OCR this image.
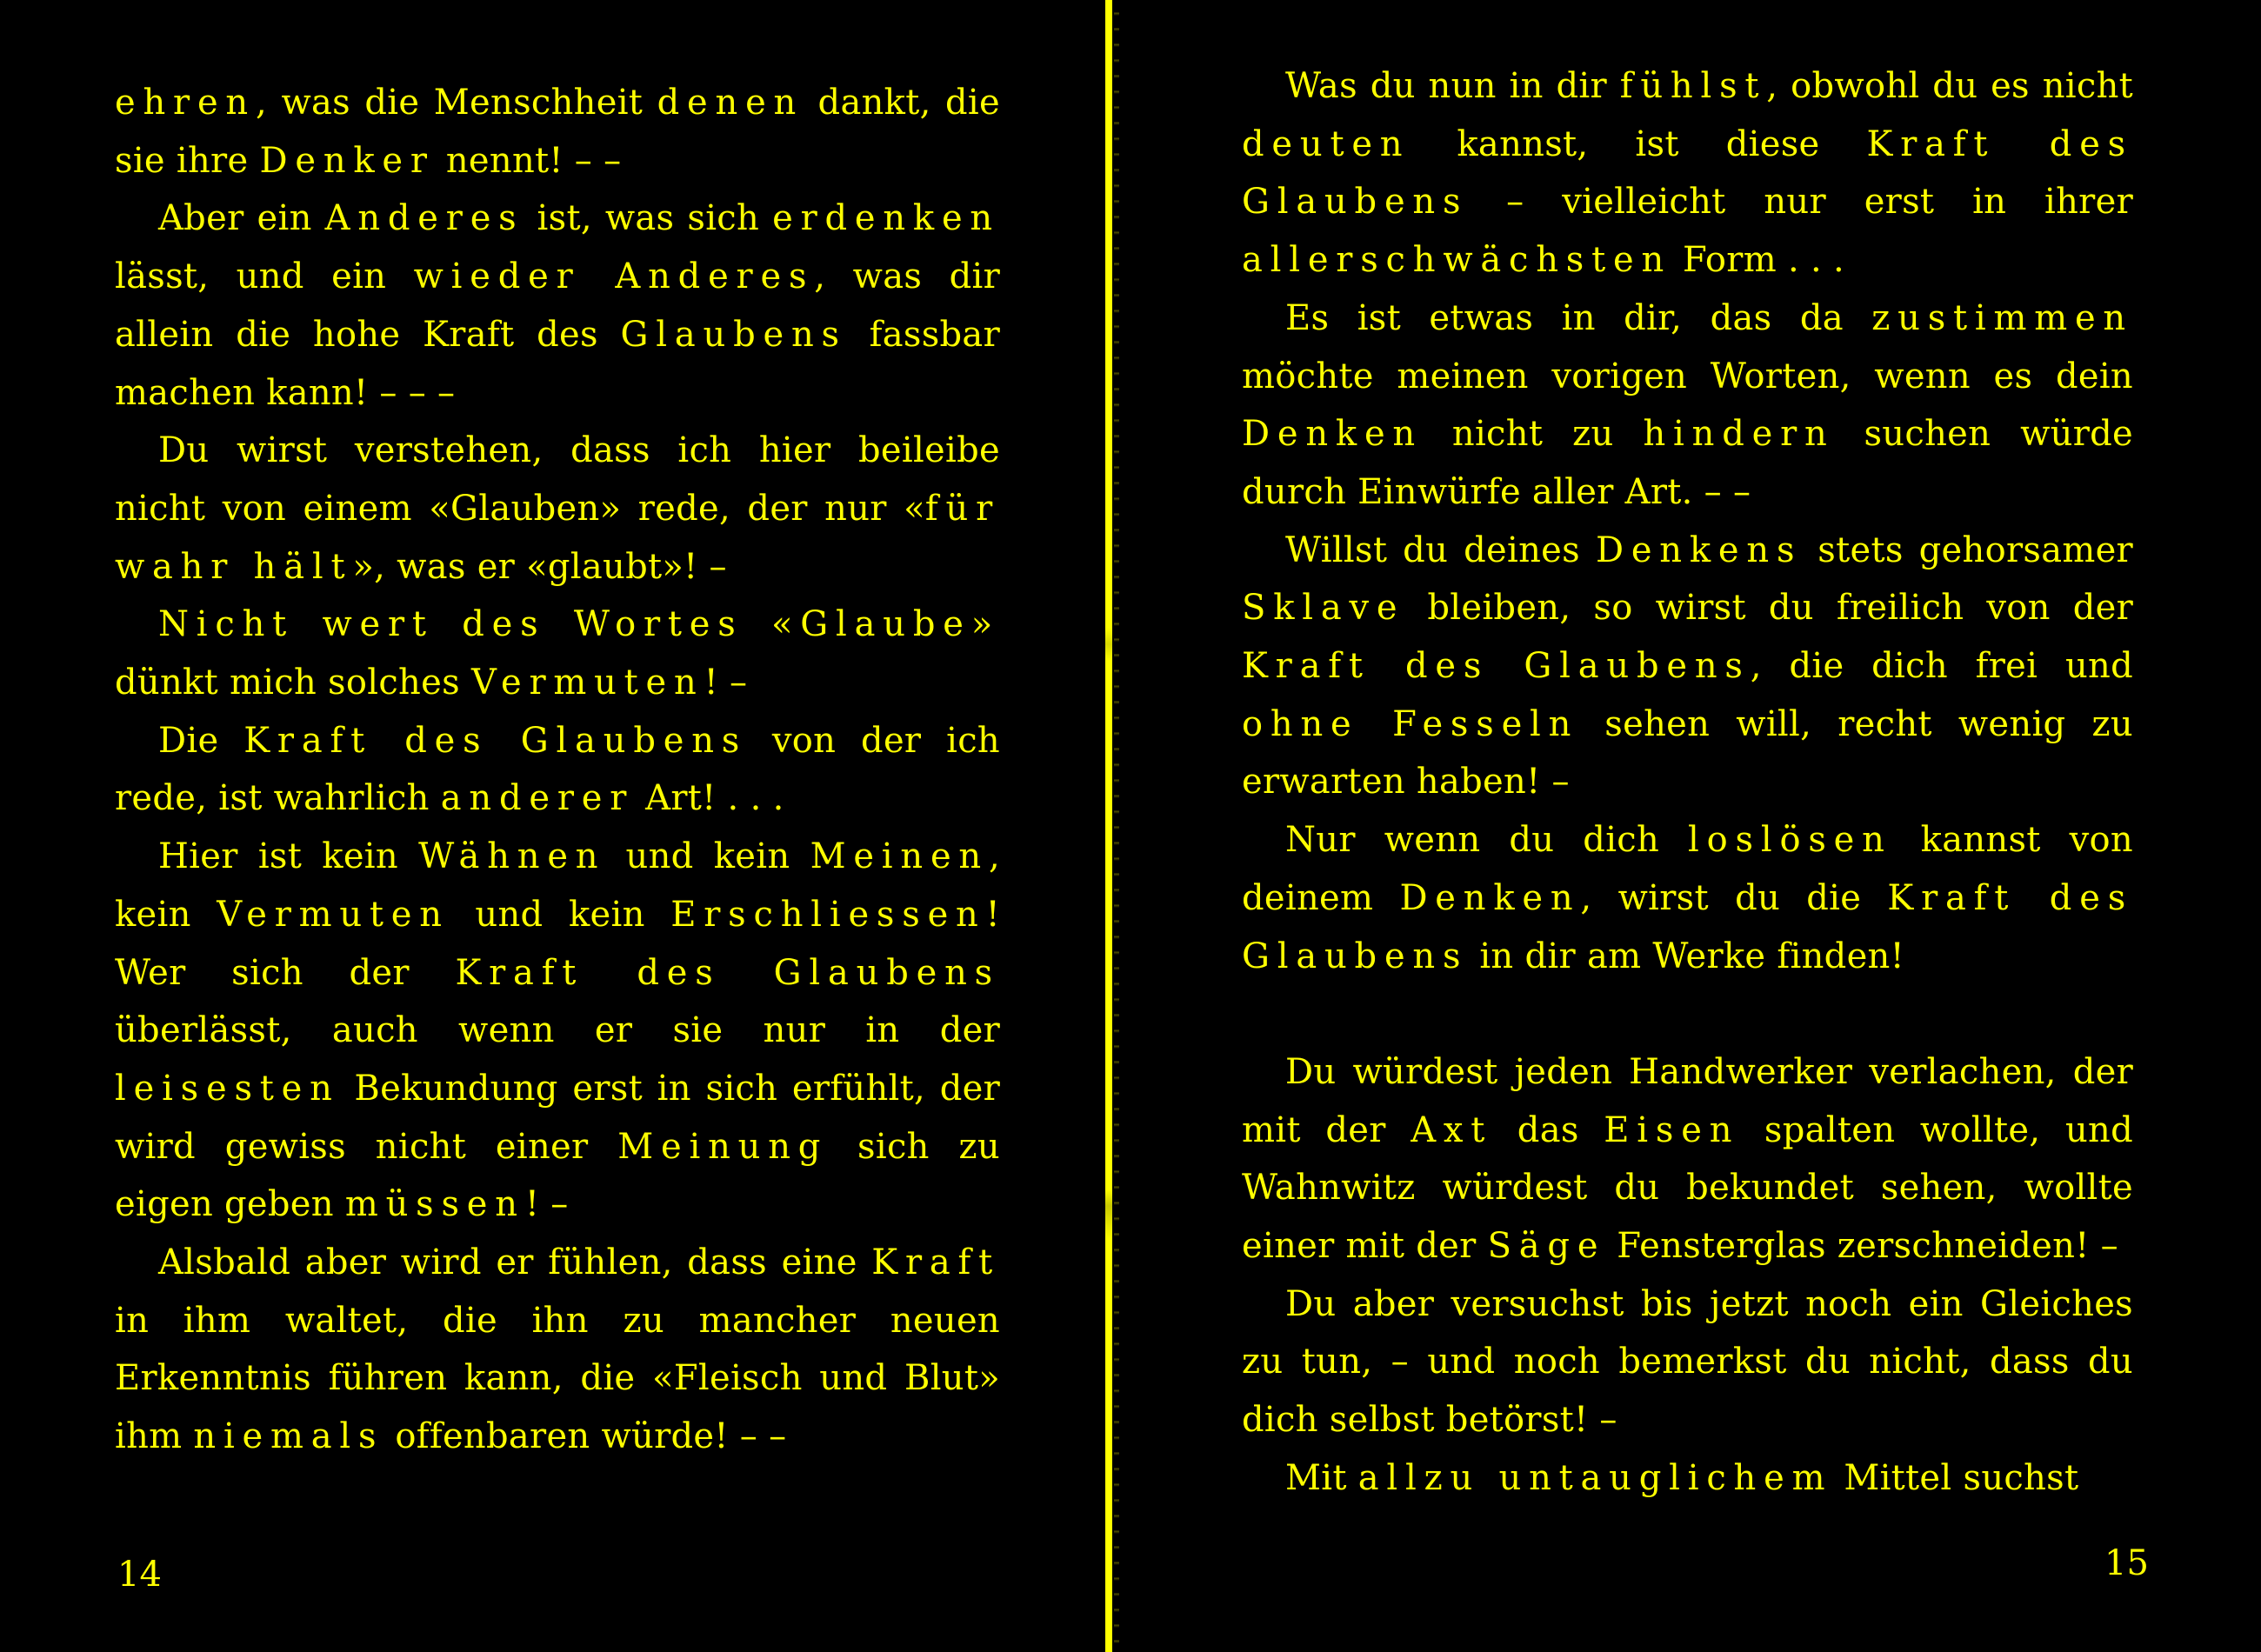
ehren, was die Menschheit denen dankt, die sie ihre Denker nennt! – –

Aber ein Anderes ist, was sich erdenken lässt, und ein wieder Anderes, was dir allein die hohe Kraft des Glaubens fassbar machen kann! – – –

Du wirst verstehen, dass ich hier beileibe nicht von einem «Glauben» rede, der nur «für wahr hält», was er «glaubt»! –

Nicht wert des Wortes «Glaube» dünkt mich solches Vermuten! –

Die Kraft des Glaubens von der ich rede, ist wahrlich anderer Art! . . .

Hier ist kein Wähnen und kein Meinen, kein Vermuten und kein Erschliessen! Wer sich der Kraft des Glaubens überlässt, auch wenn er sie nur in der leisesten Bekundung erst in sich erfühlt, der wird gewiss nicht einer Meinung sich zu eigen geben müssen! –

Alsbald aber wird er fühlen, dass eine Kraft in ihm waltet, die ihn zu mancher neuen Erkenntnis führen kann, die «Fleisch und Blut» ihm niemals offenbaren würde! – –

14

Was du nun in dir fühlst, obwohl du es nicht deuten kannst, ist diese Kraft des Glaubens – vielleicht nur erst in ihrer allerschwächsten Form . . .

Es ist etwas in dir, das da zustimmen möchte meinen vorigen Worten, wenn es dein Denken nicht zu hindern suchen würde durch Einwürfe aller Art. – –

Willst du deines Denkens stets gehorsamer Sklave bleiben, so wirst du freilich von der Kraft des Glaubens, die dich frei und ohne Fesseln sehen will, recht wenig zu erwarten haben! –

Nur wenn du dich loslösen kannst von deinem Denken, wirst du die Kraft des Glaubens in dir am Werke finden!

Du würdest jeden Handwerker verlachen, der mit der Axt das Eisen spalten wollte, und Wahnwitz würdest du bekundet sehen, wollte einer mit der Säge Fensterglas zerschneiden! –

Du aber versuchst bis jetzt noch ein Gleiches zu tun, – und noch bemerkst du nicht, dass du dich selbst betörst! –

Mit allzu untauglichem Mittel suchst

15
